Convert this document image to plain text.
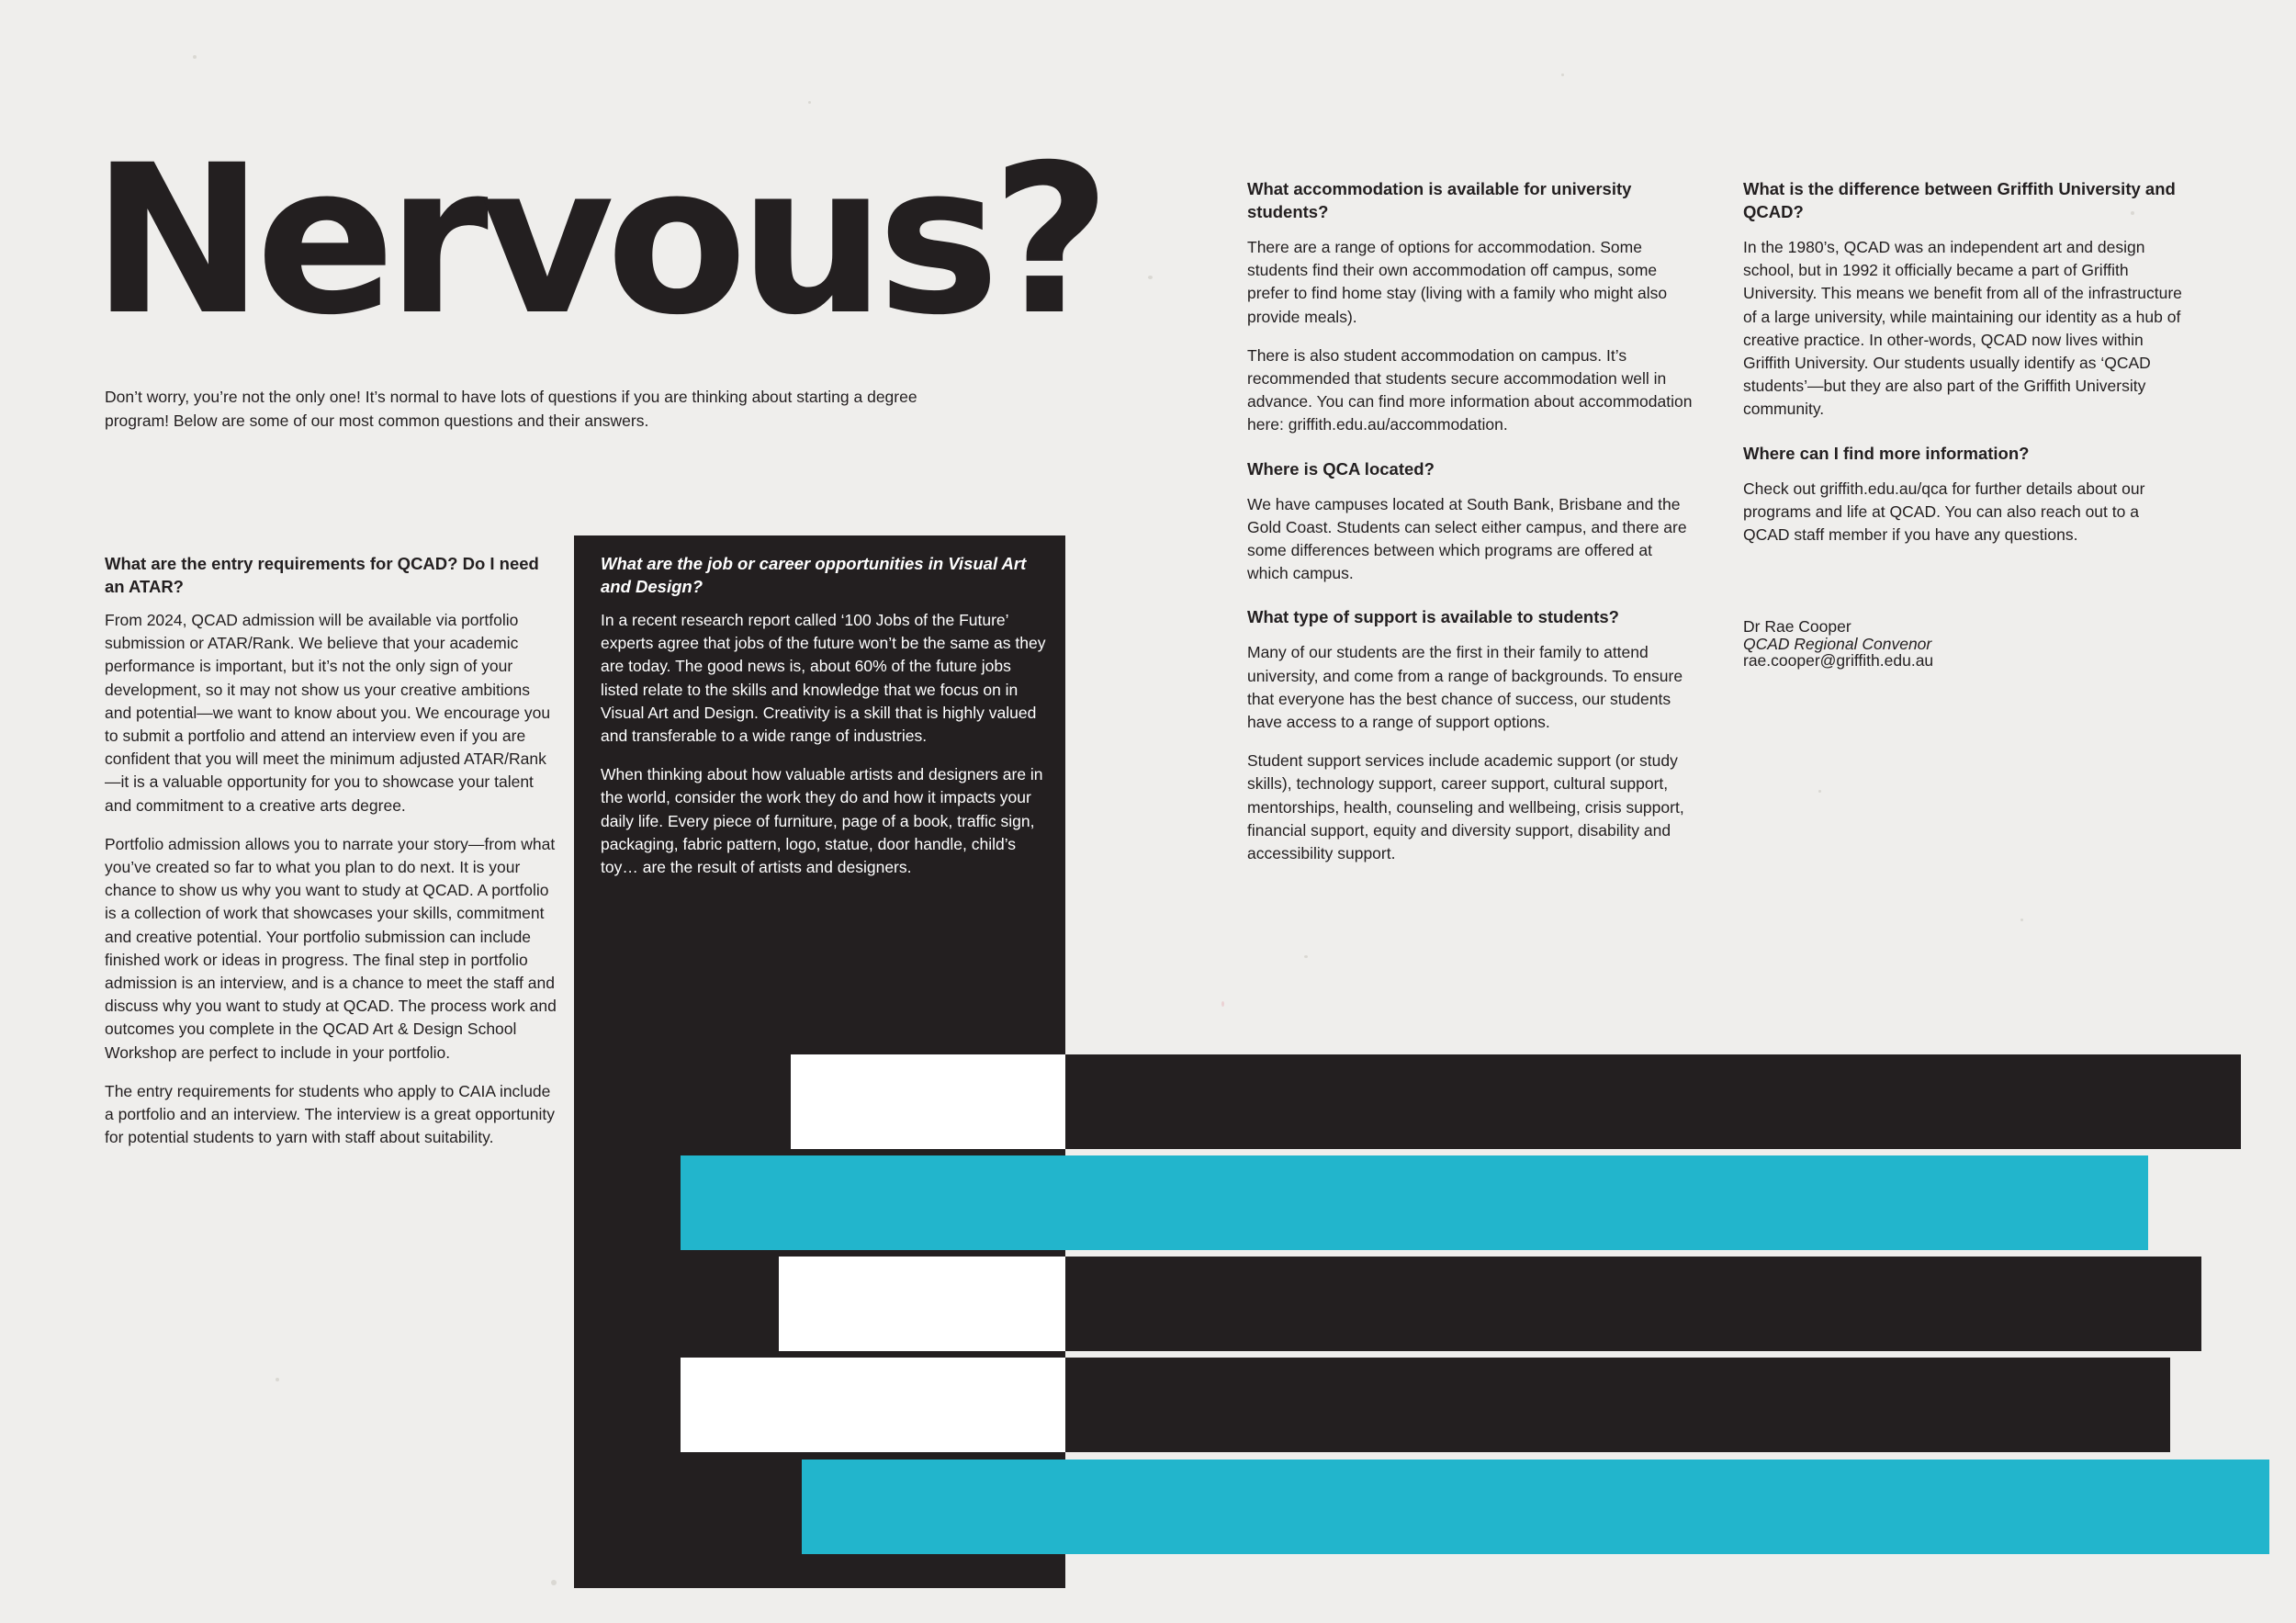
Nervous?

Don’t worry, you’re not the only one! It’s normal to have lots of questions if you are thinking about starting a degree program! Below are some of our most common questions and their answers.

What are the entry requirements for QCAD? Do I need an ATAR?

From 2024, QCAD admission will be available via portfolio submission or ATAR/Rank. We believe that your academic performance is important, but it’s not the only sign of your development, so it may not show us your creative ambitions and potential—we want to know about you. We encourage you to submit a portfolio and attend an interview even if you are confident that you will meet the minimum adjusted ATAR/Rank—it is a valuable opportunity for you to showcase your talent and commitment to a creative arts degree.

Portfolio admission allows you to narrate your story—from what you’ve created so far to what you plan to do next. It is your chance to show us why you want to study at QCAD. A portfolio is a collection of work that showcases your skills, commitment and creative potential. Your portfolio submission can include finished work or ideas in progress. The final step in portfolio admission is an interview, and is a chance to meet the staff and discuss why you want to study at QCAD. The process work and outcomes you complete in the QCAD Art & Design School Workshop are perfect to include in your portfolio.

The entry requirements for students who apply to CAIA include a portfolio and an interview. The interview is a great opportunity for potential students to yarn with staff about suitability.

What are the job or career opportunities in Visual Art and Design?

In a recent research report called ‘100 Jobs of the Future’ experts agree that jobs of the future won’t be the same as they are today. The good news is, about 60% of the future jobs listed relate to the skills and knowledge that we focus on in Visual Art and Design. Creativity is a skill that is highly valued and transferable to a wide range of industries.

When thinking about how valuable artists and designers are in the world, consider the work they do and how it impacts your daily life. Every piece of furniture, page of a book, traffic sign, packaging, fabric pattern, logo, statue, door handle, child’s toy… are the result of artists and designers.

What accommodation is available for university students?

There are a range of options for accommodation. Some students find their own accommodation off campus, some prefer to find home stay (living with a family who might also provide meals).

There is also student accommodation on campus. It’s recommended that students secure accommodation well in advance. You can find more information about accommodation here: griffith.edu.au/accommodation.

Where is QCA located?

We have campuses located at South Bank, Brisbane and the Gold Coast. Students can select either campus, and there are some differences between which programs are offered at which campus.

What type of support is available to students?

Many of our students are the first in their family to attend university, and come from a range of backgrounds. To ensure that everyone has the best chance of success, our students have access to a range of support options.

Student support services include academic support (or study skills), technology support, career support, cultural support, mentorships, health, counseling and wellbeing, crisis support, financial support, equity and diversity support, disability and accessibility support.

What is the difference between Griffith University and QCAD?

In the 1980’s, QCAD was an independent art and design school, but in 1992 it officially became a part of Griffith University. This means we benefit from all of the infrastructure of a large university, while maintaining our identity as a hub of creative practice. In other-words, QCAD now lives within Griffith University. Our students usually identify as ‘QCAD students’—but they are also part of the Griffith University community.

Where can I find more information?

Check out griffith.edu.au/qca for further details about our programs and life at QCAD. You can also reach out to a QCAD staff member if you have any questions.

Dr Rae Cooper
QCAD Regional Convenor
rae.cooper@griffith.edu.au
